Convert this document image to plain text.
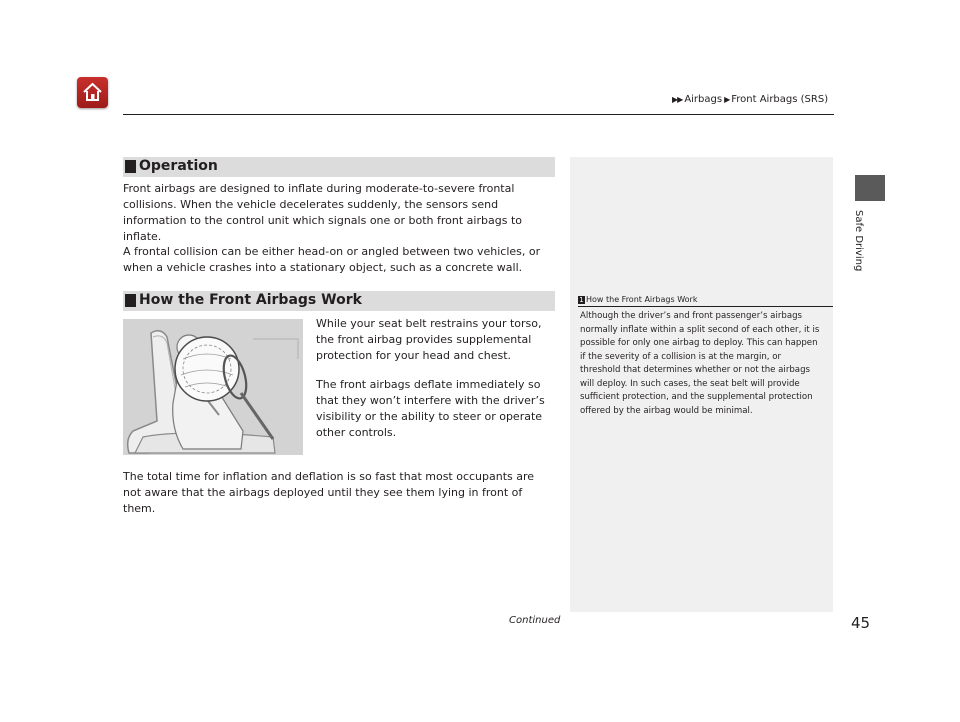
▶▶ Airbags ▶ Front Airbags (SRS)
Safe Driving
Operation
Front airbags are designed to inflate during moderate-to-severe frontal collisions. When the vehicle decelerates suddenly, the sensors send information to the control unit which signals one or both front airbags to inflate.
A frontal collision can be either head-on or angled between two vehicles, or when a vehicle crashes into a stationary object, such as a concrete wall.
How the Front Airbags Work
While your seat belt restrains your torso, the front airbag provides supplemental protection for your head and chest.
The front airbags deflate immediately so that they won’t interfere with the driver’s visibility or the ability to steer or operate other controls.
The total time for inflation and deflation is so fast that most occupants are not aware that the airbags deployed until they see them lying in front of them.
1 How the Front Airbags Work
Although the driver’s and front passenger’s airbags normally inflate within a split second of each other, it is possible for only one airbag to deploy. This can happen if the severity of a collision is at the margin, or threshold that determines whether or not the airbags will deploy. In such cases, the seat belt will provide sufficient protection, and the supplemental protection offered by the airbag would be minimal.
Continued	45
